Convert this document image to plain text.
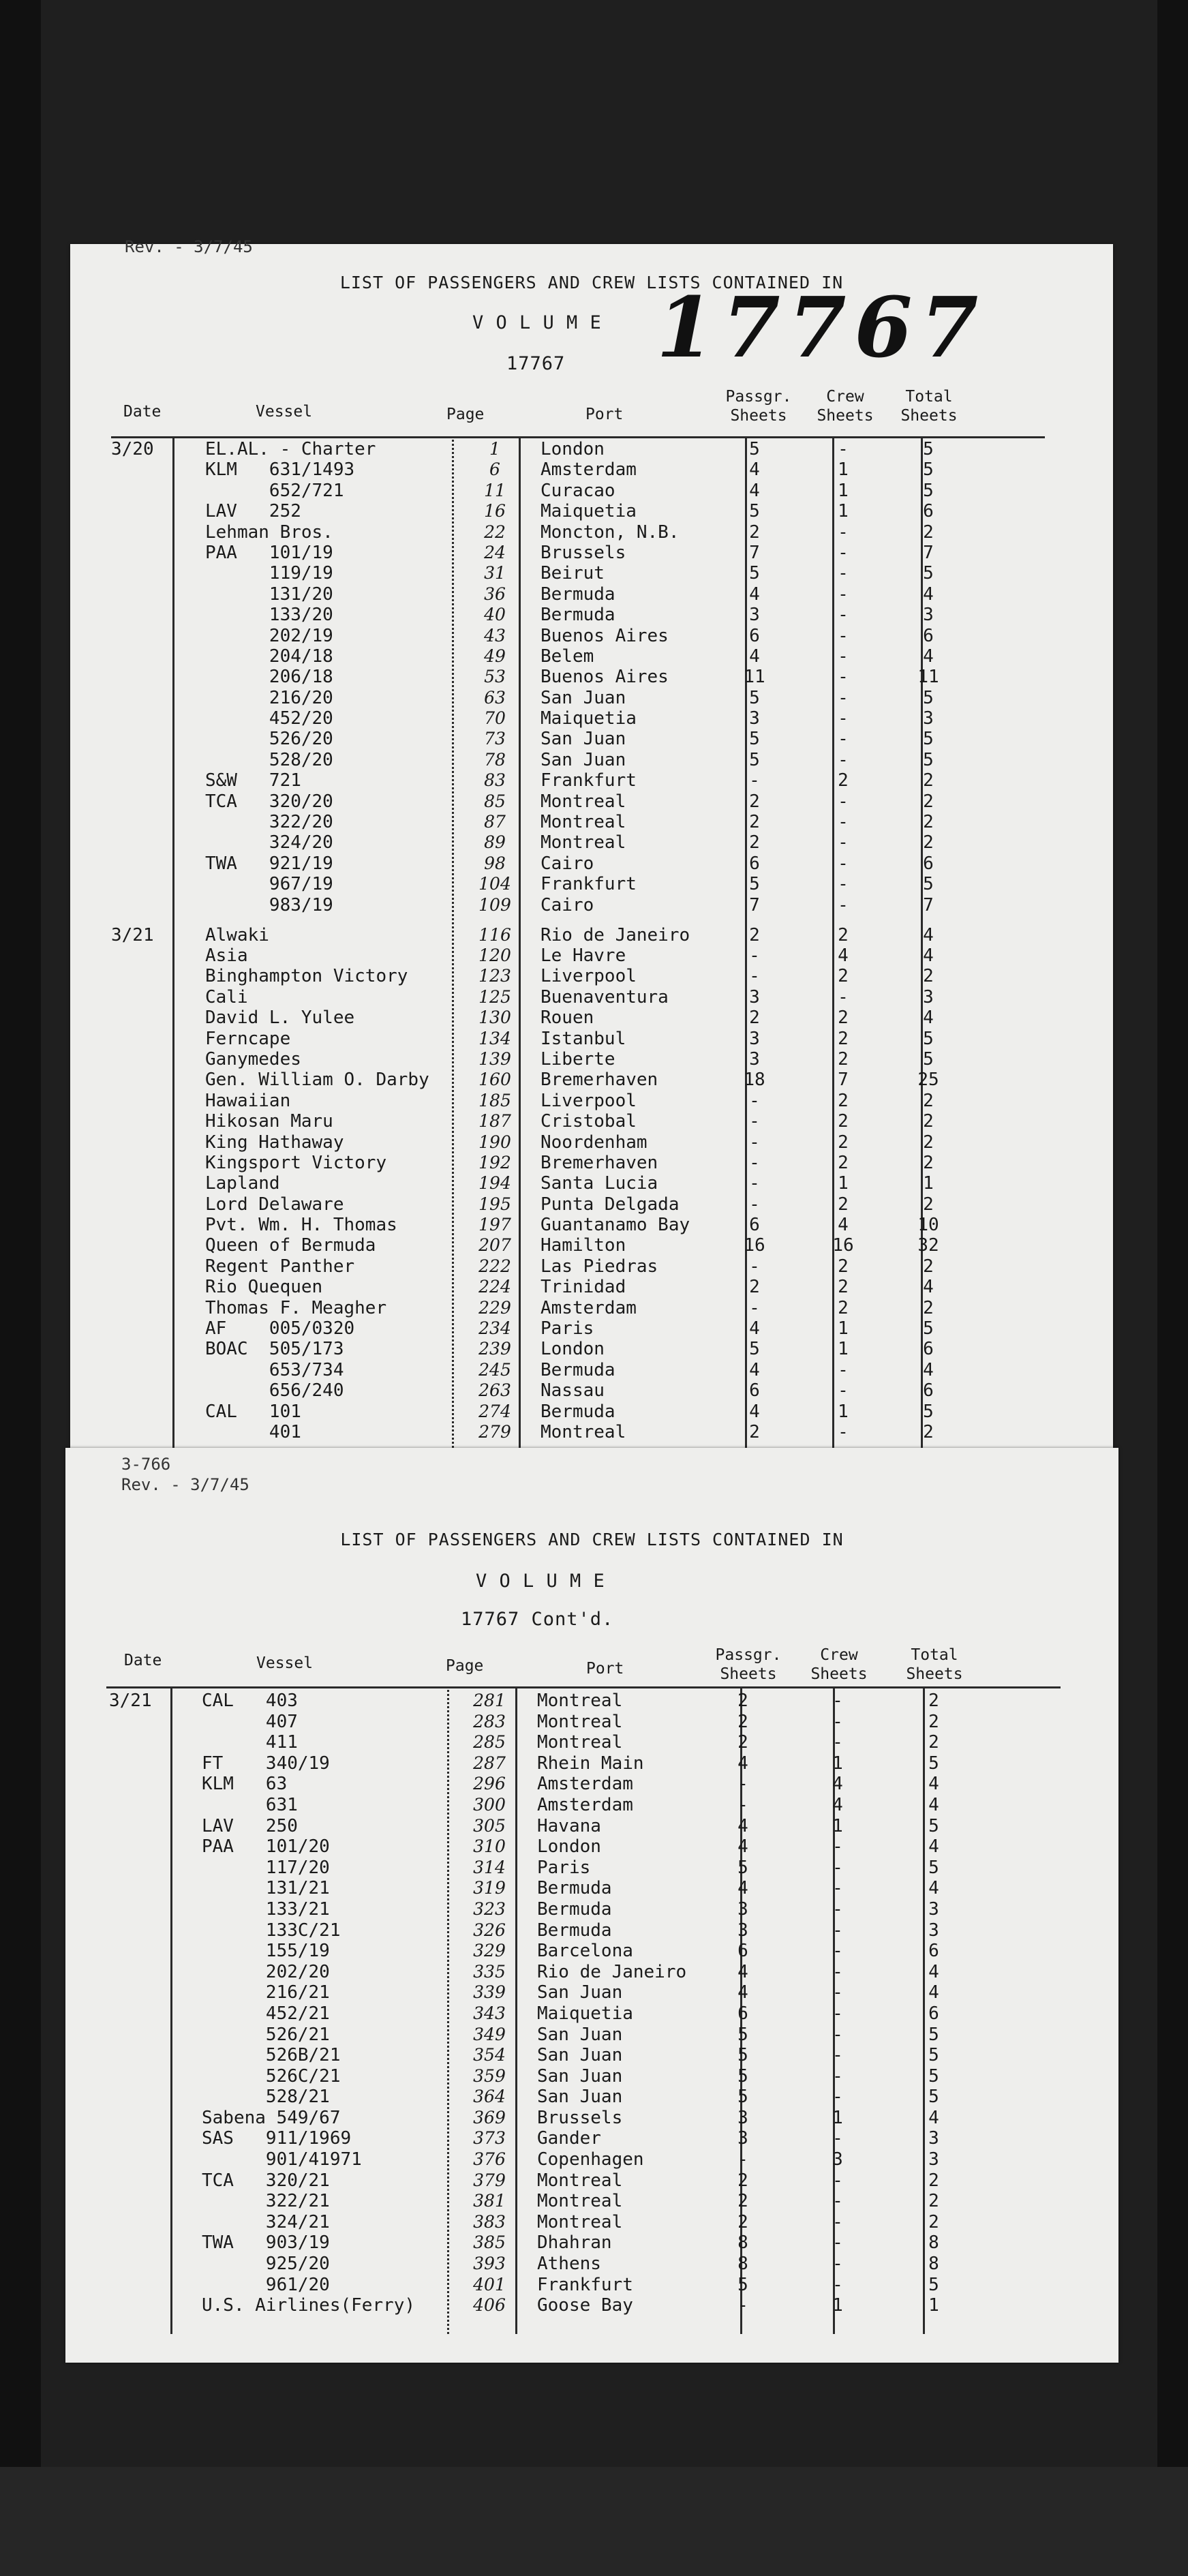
Rev. - 3/7/45
LIST OF PASSENGERS AND CREW LISTS CONTAINED IN
V O L U M E
17767 17767
Date	Vessel	Page	Port
Passgr.
Sheets
Crew
Sheets
Total
Sheets
3/20	EL.AL. - Charter	1	London	5	-	5
KLM   631/1493	6	Amsterdam	4	1	5
652/721	11	Curacao	4	1	5
LAV   252	16	Maiquetia	5	1	6
Lehman Bros.	22	Moncton, N.B.	2	-	2
PAA   101/19	24	Brussels	7	-	7
119/19	31	Beirut	5	-	5
131/20	36	Bermuda	4	-	4
133/20	40	Bermuda	3	-	3
202/19	43	Buenos Aires	6	-	6
204/18	49	Belem	4	-	4
206/18	53	Buenos Aires	11	-	11
216/20	63	San Juan	5	-	5
452/20	70	Maiquetia	3	-	3
526/20	73	San Juan	5	-	5
528/20	78	San Juan	5	-	5
S&W   721	83	Frankfurt	-	2	2
TCA   320/20	85	Montreal	2	-	2
322/20	87	Montreal	2	-	2
324/20	89	Montreal	2	-	2
TWA   921/19	98	Cairo	6	-	6
967/19	104	Frankfurt	5	-	5
983/19	109	Cairo	7	-	7
3/21	Alwaki	116	Rio de Janeiro	2	2	4
Asia	120	Le Havre	-	4	4
Binghampton Victory	123	Liverpool	-	2	2
Cali	125	Buenaventura	3	-	3
David L. Yulee	130	Rouen	2	2	4
Ferncape	134	Istanbul	3	2	5
Ganymedes	139	Liberte	3	2	5
Gen. William O. Darby	160	Bremerhaven	18	7	25
Hawaiian	185	Liverpool	-	2	2
Hikosan Maru	187	Cristobal	-	2	2
King Hathaway	190	Noordenham	-	2	2
Kingsport Victory	192	Bremerhaven	-	2	2
Lapland	194	Santa Lucia	-	1	1
Lord Delaware	195	Punta Delgada	-	2	2
Pvt. Wm. H. Thomas	197	Guantanamo Bay	6	4	10
Queen of Bermuda	207	Hamilton	16	16	32
Regent Panther	222	Las Piedras	-	2	2
Rio Quequen	224	Trinidad	2	2	4
Thomas F. Meagher	229	Amsterdam	-	2	2
AF    005/0320	234	Paris	4	1	5
BOAC  505/173	239	London	5	1	6
653/734	245	Bermuda	4	-	4
656/240	263	Nassau	6	-	6
CAL   101	274	Bermuda	4	1	5
401	279	Montreal	2	-	2
3-766
Rev. - 3/7/45
LIST OF PASSENGERS AND CREW LISTS CONTAINED IN
V O L U M E
17767 Cont'd.
Date	Vessel	Page	Port
Passgr.
Sheets
Crew
Sheets
Total
Sheets
3/21	CAL   403	281	Montreal	2	-	2
407	283	Montreal	2	-	2
411	285	Montreal	2	-	2
FT    340/19	287	Rhein Main	4	1	5
KLM   63	296	Amsterdam	-	4	4
631	300	Amsterdam	-	4	4
LAV   250	305	Havana	4	1	5
PAA   101/20	310	London	4	-	4
117/20	314	Paris	5	-	5
131/21	319	Bermuda	4	-	4
133/21	323	Bermuda	3	-	3
133C/21	326	Bermuda	3	-	3
155/19	329	Barcelona	6	-	6
202/20	335	Rio de Janeiro	4	-	4
216/21	339	San Juan	4	-	4
452/21	343	Maiquetia	6	-	6
526/21	349	San Juan	5	-	5
526B/21	354	San Juan	5	-	5
526C/21	359	San Juan	5	-	5
528/21	364	San Juan	5	-	5
Sabena 549/67	369	Brussels	3	1	4
SAS   911/1969	373	Gander	3	-	3
901/41971	376	Copenhagen	-	3	3
TCA   320/21	379	Montreal	2	-	2
322/21	381	Montreal	2	-	2
324/21	383	Montreal	2	-	2
TWA   903/19	385	Dhahran	8	-	8
925/20	393	Athens	8	-	8
961/20	401	Frankfurt	5	-	5
U.S. Airlines(Ferry)	406	Goose Bay	-	1	1
